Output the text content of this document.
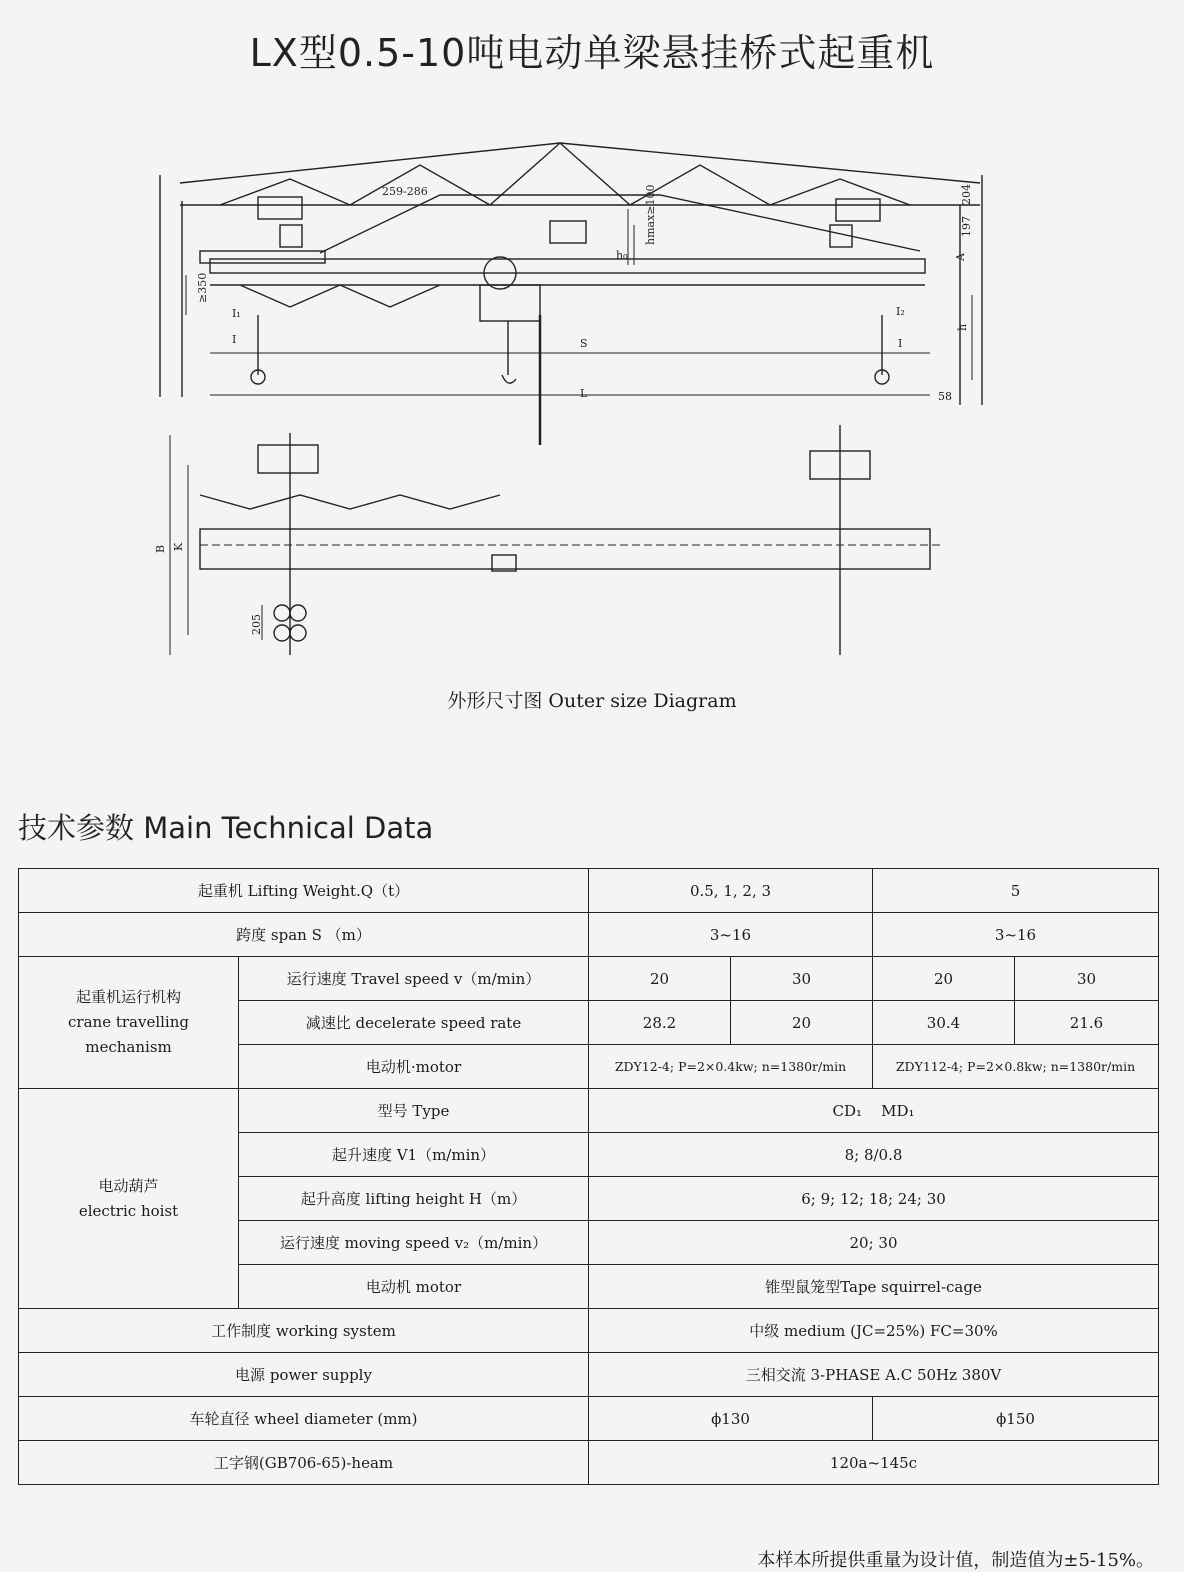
LX型0.5-10吨电动单梁悬挂桥式起重机
259-286	hmax≥100
h₀
204
197
A
≥350
I₁
I	S
L
I₂
I
h
58
B K
205
外形尺寸图 Outer size Diagram
技术参数 Main Technical Data
起重机 Lifting Weight.Q（t）		0.5, 1, 2, 3		5	
跨度 span S （m）		3~16		3~16	
起重机运行机构
crane travelling
mechanism	运行速度 Travel speed v（m/min）	20	30	20	30
	减速比 decelerate speed rate	28.2	20	30.4	21.6
	电动机·motor	ZDY12-4; P=2×0.4kw; n=1380r/min		ZDY112-4; P=2×0.8kw; n=1380r/min	
电动葫芦
electric hoist	型号 Type	CD₁    MD₁			
	起升速度 V1（m/min）	8; 8/0.8			
	起升高度 lifting height H（m）	6; 9; 12; 18; 24; 30			
	运行速度 moving speed v₂（m/min）	20; 30			
	电动机 motor	锥型鼠笼型Tape squirrel-cage			
工作制度 working system		中级 medium (JC=25%) FC=30%			
电源 power supply		三相交流 3-PHASE A.C 50Hz 380V			
车轮直径 wheel diameter (mm)		ϕ130		ϕ150	
工字钢(GB706-65)-heam		120a~145c			
本样本所提供重量为设计值，制造值为±5-15%。
